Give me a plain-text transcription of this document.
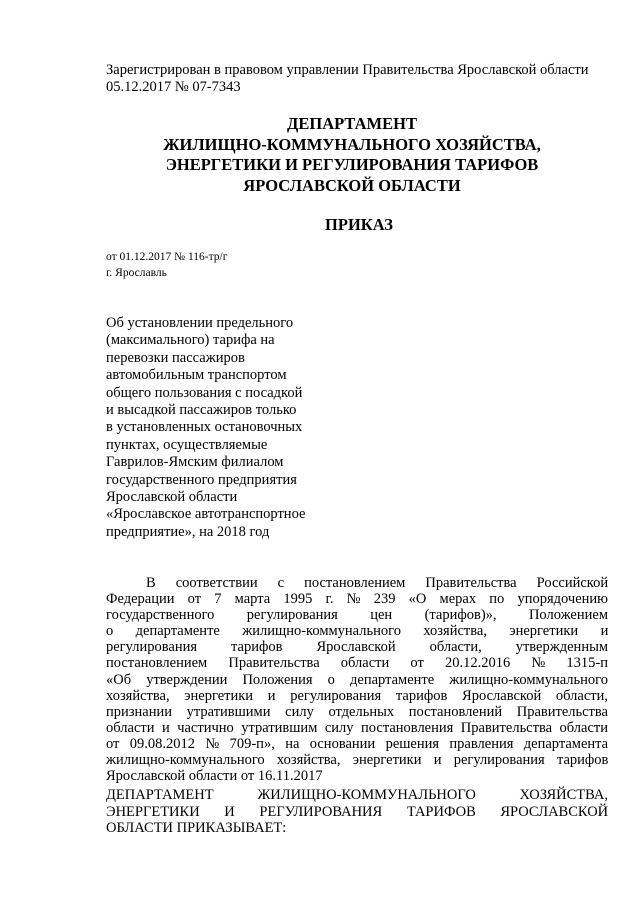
Зарегистрирован в правовом управлении Правительства Ярославской области
05.12.2017 № 07-7343
ДЕПАРТАМЕНТ
ЖИЛИЩНО-КОММУНАЛЬНОГО ХОЗЯЙСТВА,
ЭНЕРГЕТИКИ И РЕГУЛИРОВАНИЯ ТАРИФОВ
ЯРОСЛАВСКОЙ ОБЛАСТИ
ПРИКАЗ
от 01.12.2017 № 116-тр/г
г. Ярославль
Об установлении предельного
(максимального) тарифа на
перевозки пассажиров
автомобильным транспортом
общего пользования с посадкой
и высадкой пассажиров только
в установленных остановочных
пунктах, осуществляемые
Гаврилов-Ямским филиалом
государственного предприятия
Ярославской области
«Ярославское автотранспортное
предприятие», на 2018 год
В соответствии с постановлением Правительства Российской
Федерации от 7 марта 1995 г. № 239 «О мерах по упорядочению
государственного регулирования цен (тарифов)», Положением
о департаменте жилищно-коммунального хозяйства, энергетики и
регулирования тарифов Ярославской области, утвержденным
постановлением Правительства области от 20.12.2016 № 1315-п
«Об утверждении Положения о департаменте жилищно-коммунального
хозяйства, энергетики и регулирования тарифов Ярославской области,
признании утратившими силу отдельных постановлений Правительства
области и частично утратившим силу постановления Правительства области
от 09.08.2012 № 709-п», на основании решения правления департамента
жилищно-коммунального хозяйства, энергетики и регулирования тарифов
Ярославской области от 16.11.2017
ДЕПАРТАМЕНТ ЖИЛИЩНО-КОММУНАЛЬНОГО ХОЗЯЙСТВА,
ЭНЕРГЕТИКИ И РЕГУЛИРОВАНИЯ ТАРИФОВ ЯРОСЛАВСКОЙ
ОБЛАСТИ ПРИКАЗЫВАЕТ:
